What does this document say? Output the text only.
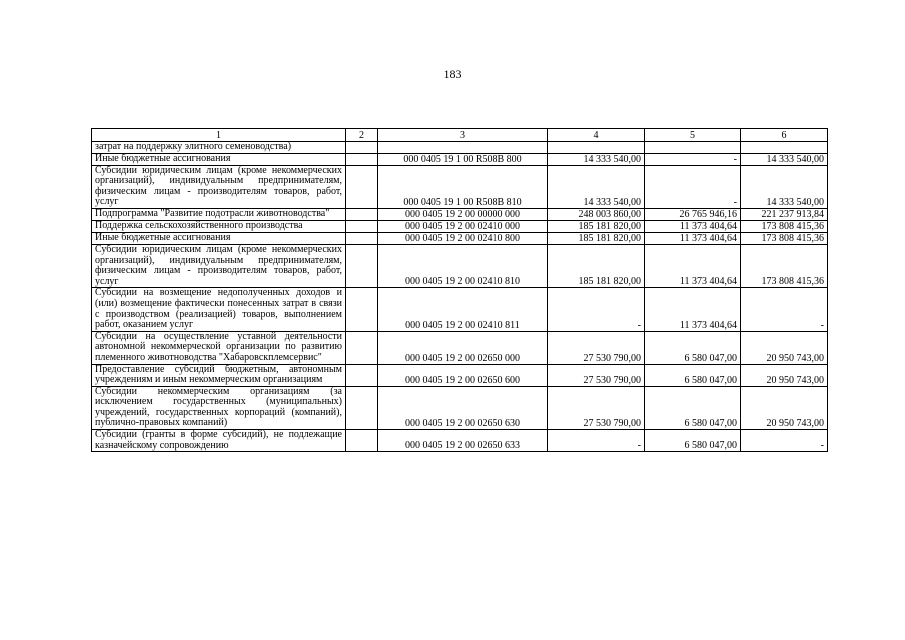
183
1	2	3	4	5	6
затрат на поддержку элитного семеноводства)					
Иные бюджетные ассигнования		000 0405 19 1 00 R508В 800	14 333 540,00	-	14 333 540,00
Субсидии юридическим лицам (кроме некоммерческих организаций), индивидуальным предпринимателям, физическим лицам - производителям товаров, работ, услуг		000 0405 19 1 00 R508В 810	14 333 540,00	-	14 333 540,00
Подпрограмма "Развитие подотрасли животноводства"		000 0405 19 2 00 00000 000	248 003 860,00	26 765 946,16	221 237 913,84
Поддержка сельскохозяйственного производства		000 0405 19 2 00 02410 000	185 181 820,00	11 373 404,64	173 808 415,36
Иные бюджетные ассигнования		000 0405 19 2 00 02410 800	185 181 820,00	11 373 404,64	173 808 415,36
Субсидии юридическим лицам (кроме некоммерческих организаций), индивидуальным предпринимателям, физическим лицам - производителям товаров, работ, услуг		000 0405 19 2 00 02410 810	185 181 820,00	11 373 404,64	173 808 415,36
Субсидии на возмещение недополученных доходов и (или) возмещение фактически понесенных затрат в связи с производством (реализацией) товаров, выполнением работ, оказанием услуг		000 0405 19 2 00 02410 811	-	11 373 404,64	-
Субсидии на осуществление уставной деятельности автономной некоммерческой организации по развитию племенного животноводства "Хабаровскплемсервис"		000 0405 19 2 00 02650 000	27 530 790,00	6 580 047,00	20 950 743,00
Предоставление субсидий бюджетным, автономным учреждениям и иным некоммерческим организациям		000 0405 19 2 00 02650 600	27 530 790,00	6 580 047,00	20 950 743,00
Субсидии некоммерческим организациям (за исключением государственных (муниципальных) учреждений, государственных корпораций (компаний), публично-правовых компаний)		000 0405 19 2 00 02650 630	27 530 790,00	6 580 047,00	20 950 743,00
Субсидии (гранты в форме субсидий), не подлежащие казначейскому сопровождению		000 0405 19 2 00 02650 633	-	6 580 047,00	-
